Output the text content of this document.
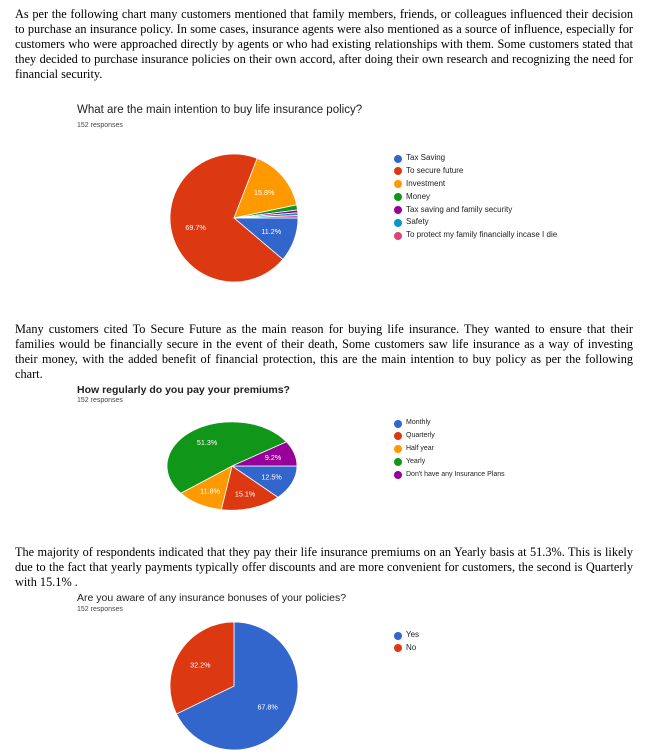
As per the following chart many customers mentioned that family members, friends, or colleagues influenced their decision to purchase an insurance policy. In some cases, insurance agents were also mentioned as a source of influence, especially for customers who were approached directly by agents or who had existing relationships with them. Some customers stated that they decided to purchase insurance policies on their own accord, after doing their own research and recognizing the need for financial security.

What are the main intention to buy life insurance policy?
152 responses
11.2%
69.7%
15.8%
Tax Saving
To secure future
Investment
Money
Tax saving and family security
Safety
To protect my family financially incase I die

Many customers cited To Secure Future as the main reason for buying life insurance. They wanted to ensure that their families would be financially secure in the event of their death, Some customers saw life insurance as a way of investing their money, with the added benefit of financial protection, this are the main intention to buy policy as per the following chart.

How regularly do you pay your premiums?
152 responses
12.5%
15.1%
11.8%
51.3%
9.2%
Monthly
Quarterly
Half year
Yearly
Don't have any Insurance Plans

The majority of respondents indicated that they pay their life insurance premiums on an Yearly basis at 51.3%. This is likely due to the fact that yearly payments typically offer discounts and are more convenient for customers, the second is Quarterly with 15.1% .

Are you aware of any insurance bonuses of your policies?
152 responses
67.8%
32.2%
Yes
No
